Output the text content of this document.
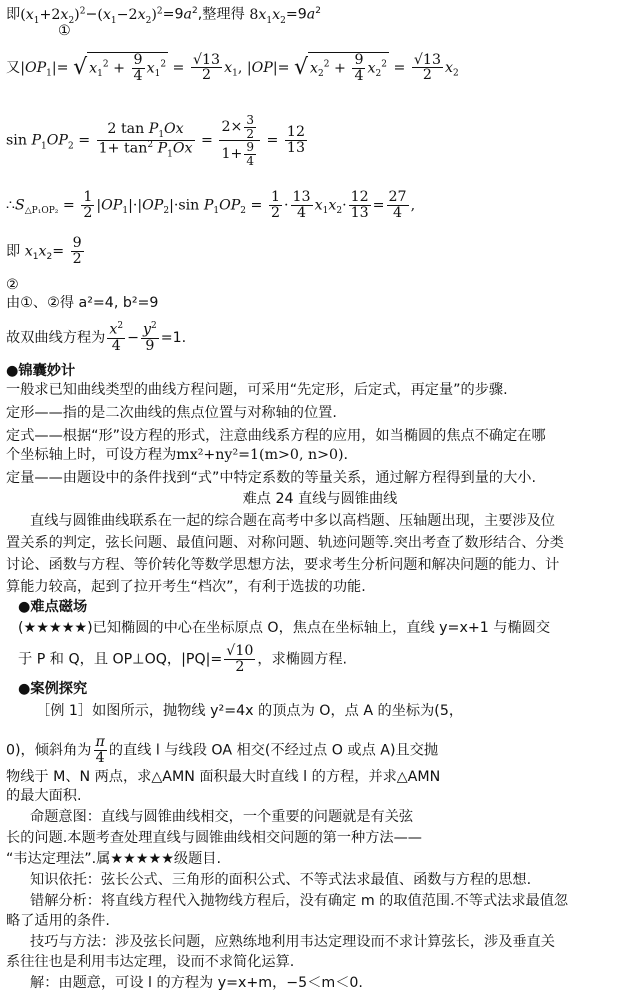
即$(x_1+2x_2)^2-(x_1-2x_2)^2=9a^2$,整理得 $8x_1x_2=9a^2$
①
又$|OP_1|=$ √ $x_1^2 + \frac{9}{4} x_1^2 = \frac{√13}{2} x_1$, |OP|= √ $x_2^2 + \frac{9}{4} x_2^2 = \frac{√13}{2} x_2$
$\sin P_1OP_2 = \frac{2 \tan P_1Ox}{1+ \tan^2 P_1Ox} = \frac{2\times \frac{3}{2}}{1+ \frac{9}{4}} = \frac{12}{13}$
$\therefore S_{\triangle P_1OP_2} = \frac{1}{2} |OP_1|\cdot|OP_2|\cdot\sin$ $P_1OP_2 = \frac{1}{2} \cdot \frac{13}{4} x_1x_2\cdot \frac{12}{13} = \frac{27}{4}$ ,
即 $x_1x_2= \frac{9}{2}$
②
由①、②得 a²=4, b²=9
故双曲线方程为 $\frac{x^2}{4} - \frac{y^2}{9} =1$.
●锦囊妙计
一般求已知曲线类型的曲线方程问题，可采用“先定形，后定式，再定量”的步骤.
定形——指的是二次曲线的焦点位置与对称轴的位置.
定式——根据“形”设方程的形式，注意曲线系方程的应用，如当椭圆的焦点不确定在哪
个坐标轴上时，可设方程为mx²+ny²=1(m>0, n>0).
定量——由题设中的条件找到“式”中特定系数的等量关系，通过解方程得到量的大小.
难点 24 直线与圆锥曲线
直线与圆锥曲线联系在一起的综合题在高考中多以高档题、压轴题出现，主要涉及位
置关系的判定，弦长问题、最值问题、对称问题、轨迹问题等.突出考查了数形结合、分类
讨论、函数与方程、等价转化等数学思想方法，要求考生分析问题和解决问题的能力、计
算能力较高，起到了拉开考生“档次”，有利于选拔的功能.
●难点磁场
(★★★★★)已知椭圆的中心在坐标原点 O，焦点在坐标轴上，直线 y=x+1 与椭圆交
于 P 和 Q，且 OP⊥OQ，$|PQ|= \frac{√10}{2}$ ，求椭圆方程.
●案例探究
［例 1］如图所示，抛物线 y²=4x 的顶点为 O，点 A 的坐标为(5，
0)，倾斜角为 $\frac{\pi}{4}$ 的直线 l 与线段 OA 相交(不经过点 O 或点 A)且交抛
物线于 M、N 两点，求△AMN 面积最大时直线 l 的方程，并求△AMN
的最大面积.
命题意图：直线与圆锥曲线相交，一个重要的问题就是有关弦
长的问题.本题考查处理直线与圆锥曲线相交问题的第一种方法——
“韦达定理法”.属★★★★★级题目.
知识依托：弦长公式、三角形的面积公式、不等式法求最值、函数与方程的思想.
错解分析：将直线方程代入抛物线方程后，没有确定 m 的取值范围.不等式法求最值忽
略了适用的条件.
技巧与方法：涉及弦长问题，应熟练地利用韦达定理设而不求计算弦长，涉及垂直关
系往往也是利用韦达定理，设而不求简化运算.
解：由题意，可设 l 的方程为 y=x+m，−5＜m＜0.
